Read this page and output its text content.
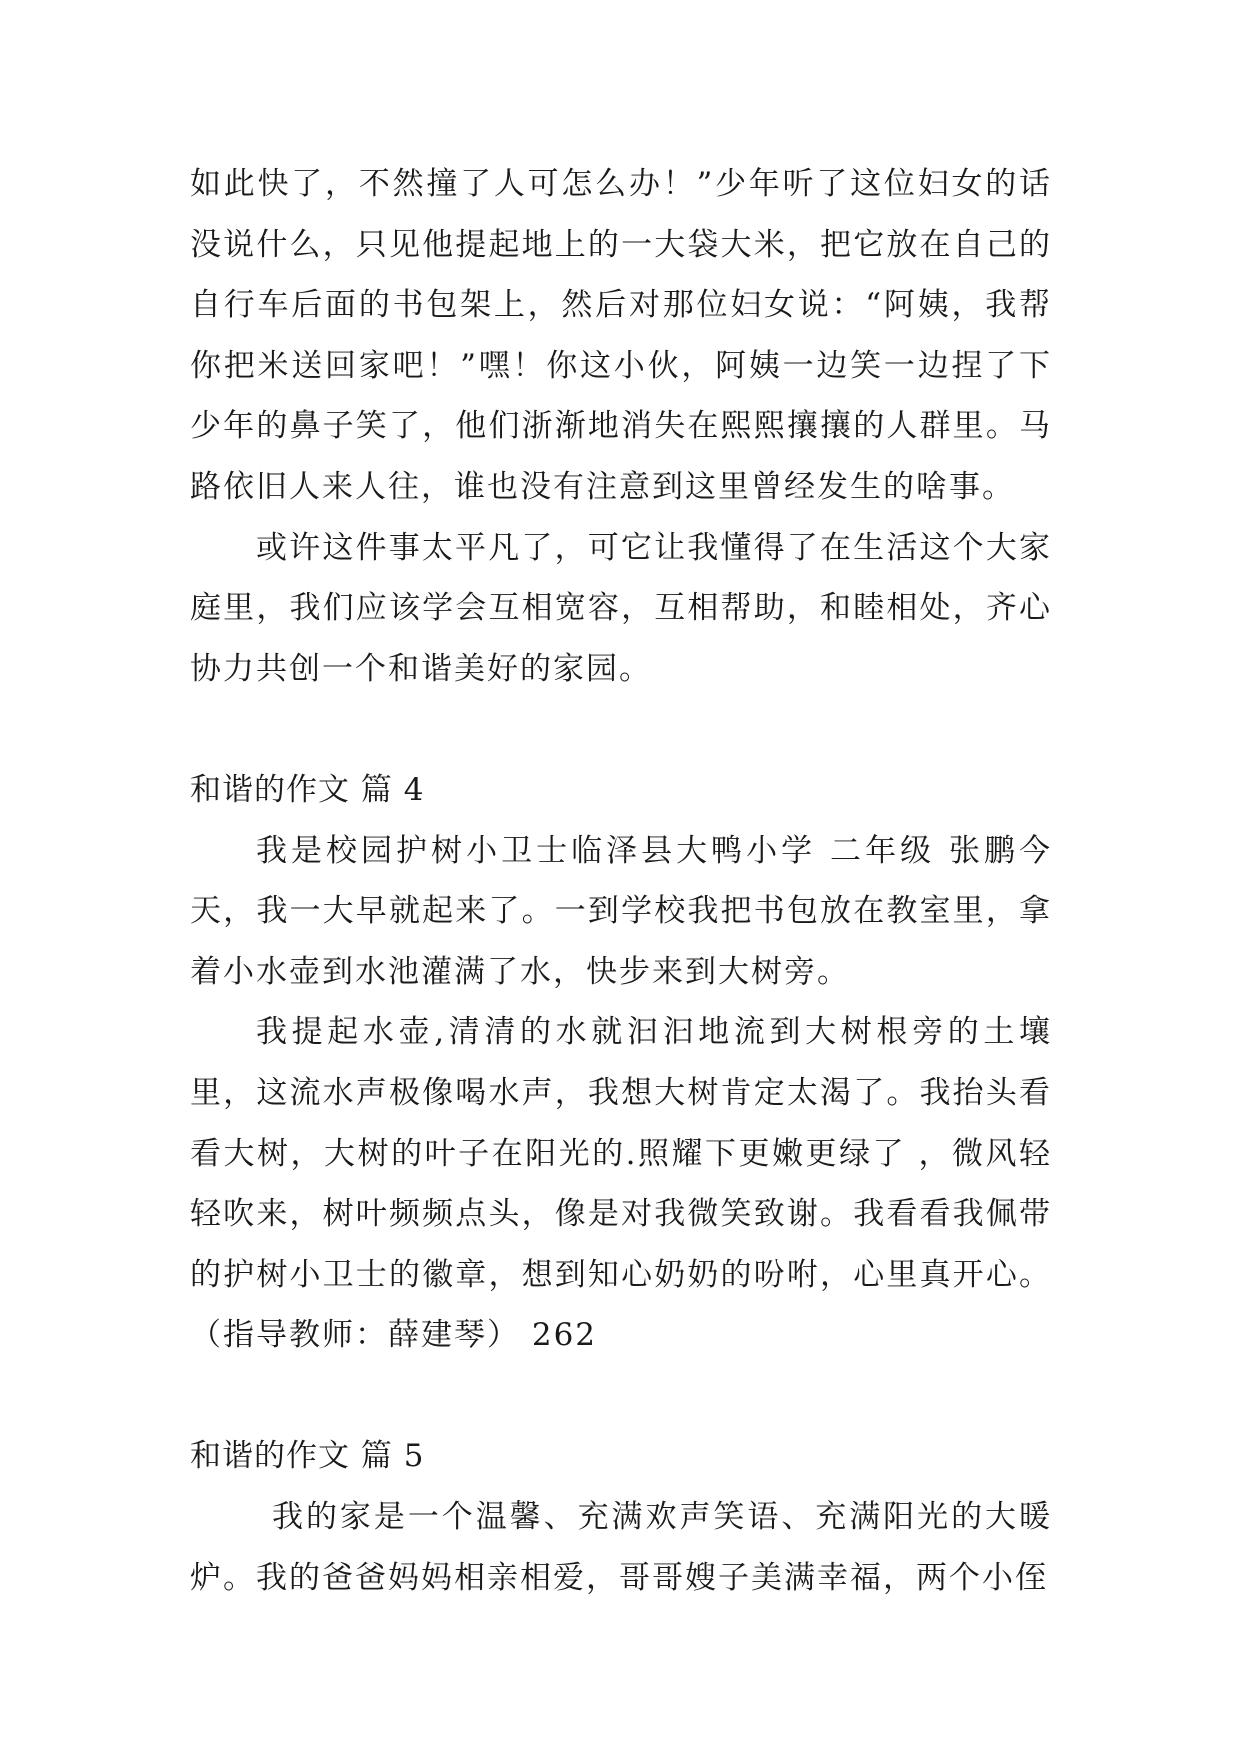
如此快了，不然撞了人可怎么办！”少年听了这位妇女的话没说什么，只见他提起地上的一大袋大米，把它放在自己的自行车后面的书包架上，然后对那位妇女说：“阿姨，我帮你把米送回家吧！”嘿！你这小伙，阿姨一边笑一边捏了下少年的鼻子笑了，他们浙渐地消失在熙熙攘攘的人群里。马路依旧人来人往，谁也没有注意到这里曾经发生的啥事。

或许这件事太平凡了，可它让我懂得了在生活这个大家庭里，我们应该学会互相宽容，互相帮助，和睦相处，齐心协力共创一个和谐美好的家园。

和谐的作文 篇 4

我是校园护树小卫士临泽县大鸭小学 二年级 张鹏今天，我一大早就起来了。一到学校我把书包放在教室里，拿着小水壶到水池灌满了水，快步来到大树旁。

我提起水壶,清清的水就汩汩地流到大树根旁的土壤里，这流水声极像喝水声，我想大树肯定太渴了。我抬头看看大树，大树的叶子在阳光的.照耀下更嫩更绿了 ，微风轻轻吹来，树叶频频点头，像是对我微笑致谢。我看看我佩带的护树小卫士的徽章，想到知心奶奶的吩咐，心里真开心。（指导教师：薛建琴） 262

和谐的作文 篇 5

我的家是一个温馨、充满欢声笑语、充满阳光的大暖炉。我的爸爸妈妈相亲相爱，哥哥嫂子美满幸福，两个小侄
